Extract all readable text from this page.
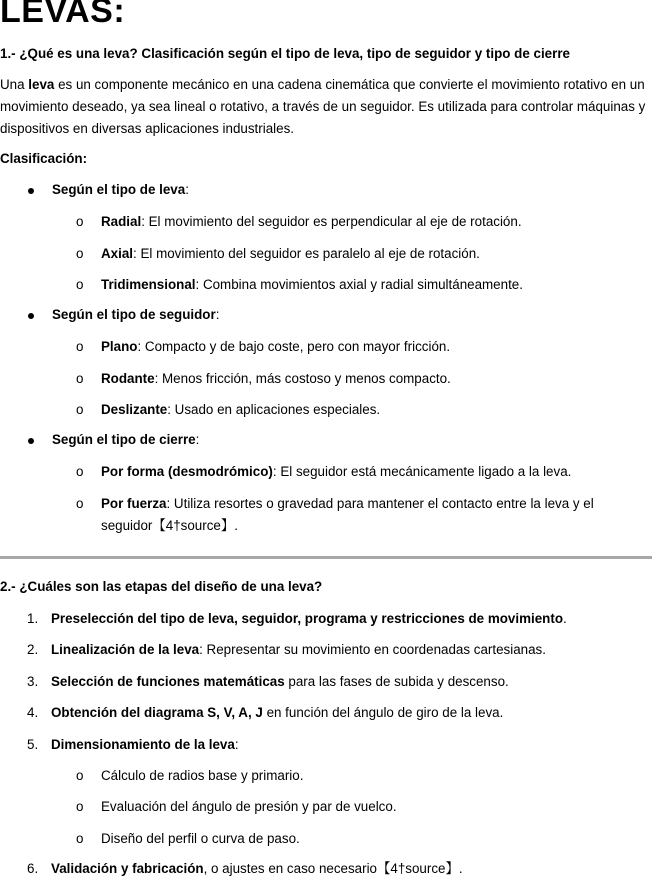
LEVAS:
1.- ¿Qué es una leva? Clasificación según el tipo de leva, tipo de seguidor y tipo de cierre
Una leva es un componente mecánico en una cadena cinemática que convierte el movimiento rotativo en un movimiento deseado, ya sea lineal o rotativo, a través de un seguidor. Es utilizada para controlar máquinas y dispositivos en diversas aplicaciones industriales.
Clasificación:
Según el tipo de leva:
o Radial: El movimiento del seguidor es perpendicular al eje de rotación.
o Axial: El movimiento del seguidor es paralelo al eje de rotación.
o Tridimensional: Combina movimientos axial y radial simultáneamente.
Según el tipo de seguidor:
o Plano: Compacto y de bajo coste, pero con mayor fricción.
o Rodante: Menos fricción, más costoso y menos compacto.
o Deslizante: Usado en aplicaciones especiales.
Según el tipo de cierre:
o Por forma (desmodrómico): El seguidor está mecánicamente ligado a la leva.
o Por fuerza: Utiliza resortes o gravedad para mantener el contacto entre la leva y el seguidor【4†source】.
2.- ¿Cuáles son las etapas del diseño de una leva?
1. Preselección del tipo de leva, seguidor, programa y restricciones de movimiento.
2. Linealización de la leva: Representar su movimiento en coordenadas cartesianas.
3. Selección de funciones matemáticas para las fases de subida y descenso.
4. Obtención del diagrama S, V, A, J en función del ángulo de giro de la leva.
5. Dimensionamiento de la leva:
o Cálculo de radios base y primario.
o Evaluación del ángulo de presión y par de vuelco.
o Diseño del perfil o curva de paso.
6. Validación y fabricación, o ajustes en caso necesario【4†source】.
